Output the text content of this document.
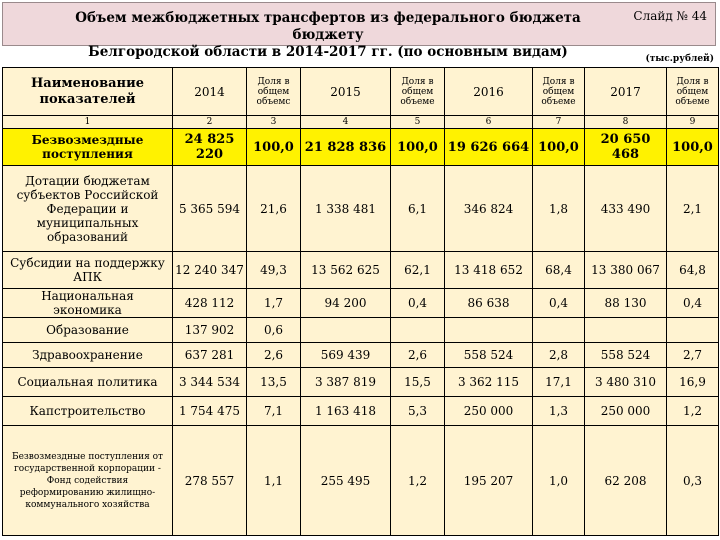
Объем межбюджетных трансфертов из федерального бюджета бюджету
Белгородской области в 2014-2017 гг. (по основным видам)
Слайд № 44
(тыс.рублей)
Наименование показателей	2014	Доля в общем объемс	2015	Доля в общем объеме	2016	Доля в общем объеме	2017	Доля в общем объеме
1	2	3	4	5	6	7	8	9
Безвозмездные поступления	24 825 220	100,0	21 828 836	100,0	19 626 664	100,0	20 650 468	100,0
Дотации бюджетам субъектов Российской Федерации и муниципальных образований	5 365 594	21,6	1 338 481	6,1	346 824	1,8	433 490	2,1
Субсидии на поддержку АПК	12 240 347	49,3	13 562 625	62,1	13 418 652	68,4	13 380 067	64,8
Национальная экономика	428 112	1,7	94 200	0,4	86 638	0,4	88 130	0,4
Образование	137 902	0,6						
Здравоохранение	637 281	2,6	569 439	2,6	558 524	2,8	558 524	2,7
Социальная политика	3 344 534	13,5	3 387 819	15,5	3 362 115	17,1	3 480 310	16,9
Капстроительство	1 754 475	7,1	1 163 418	5,3	250 000	1,3	250 000	1,2
Безвозмездные поступления от государственной корпорации - Фонд содействия реформированию жилищно-коммунального хозяйства	278 557	1,1	255 495	1,2	195 207	1,0	62 208	0,3
